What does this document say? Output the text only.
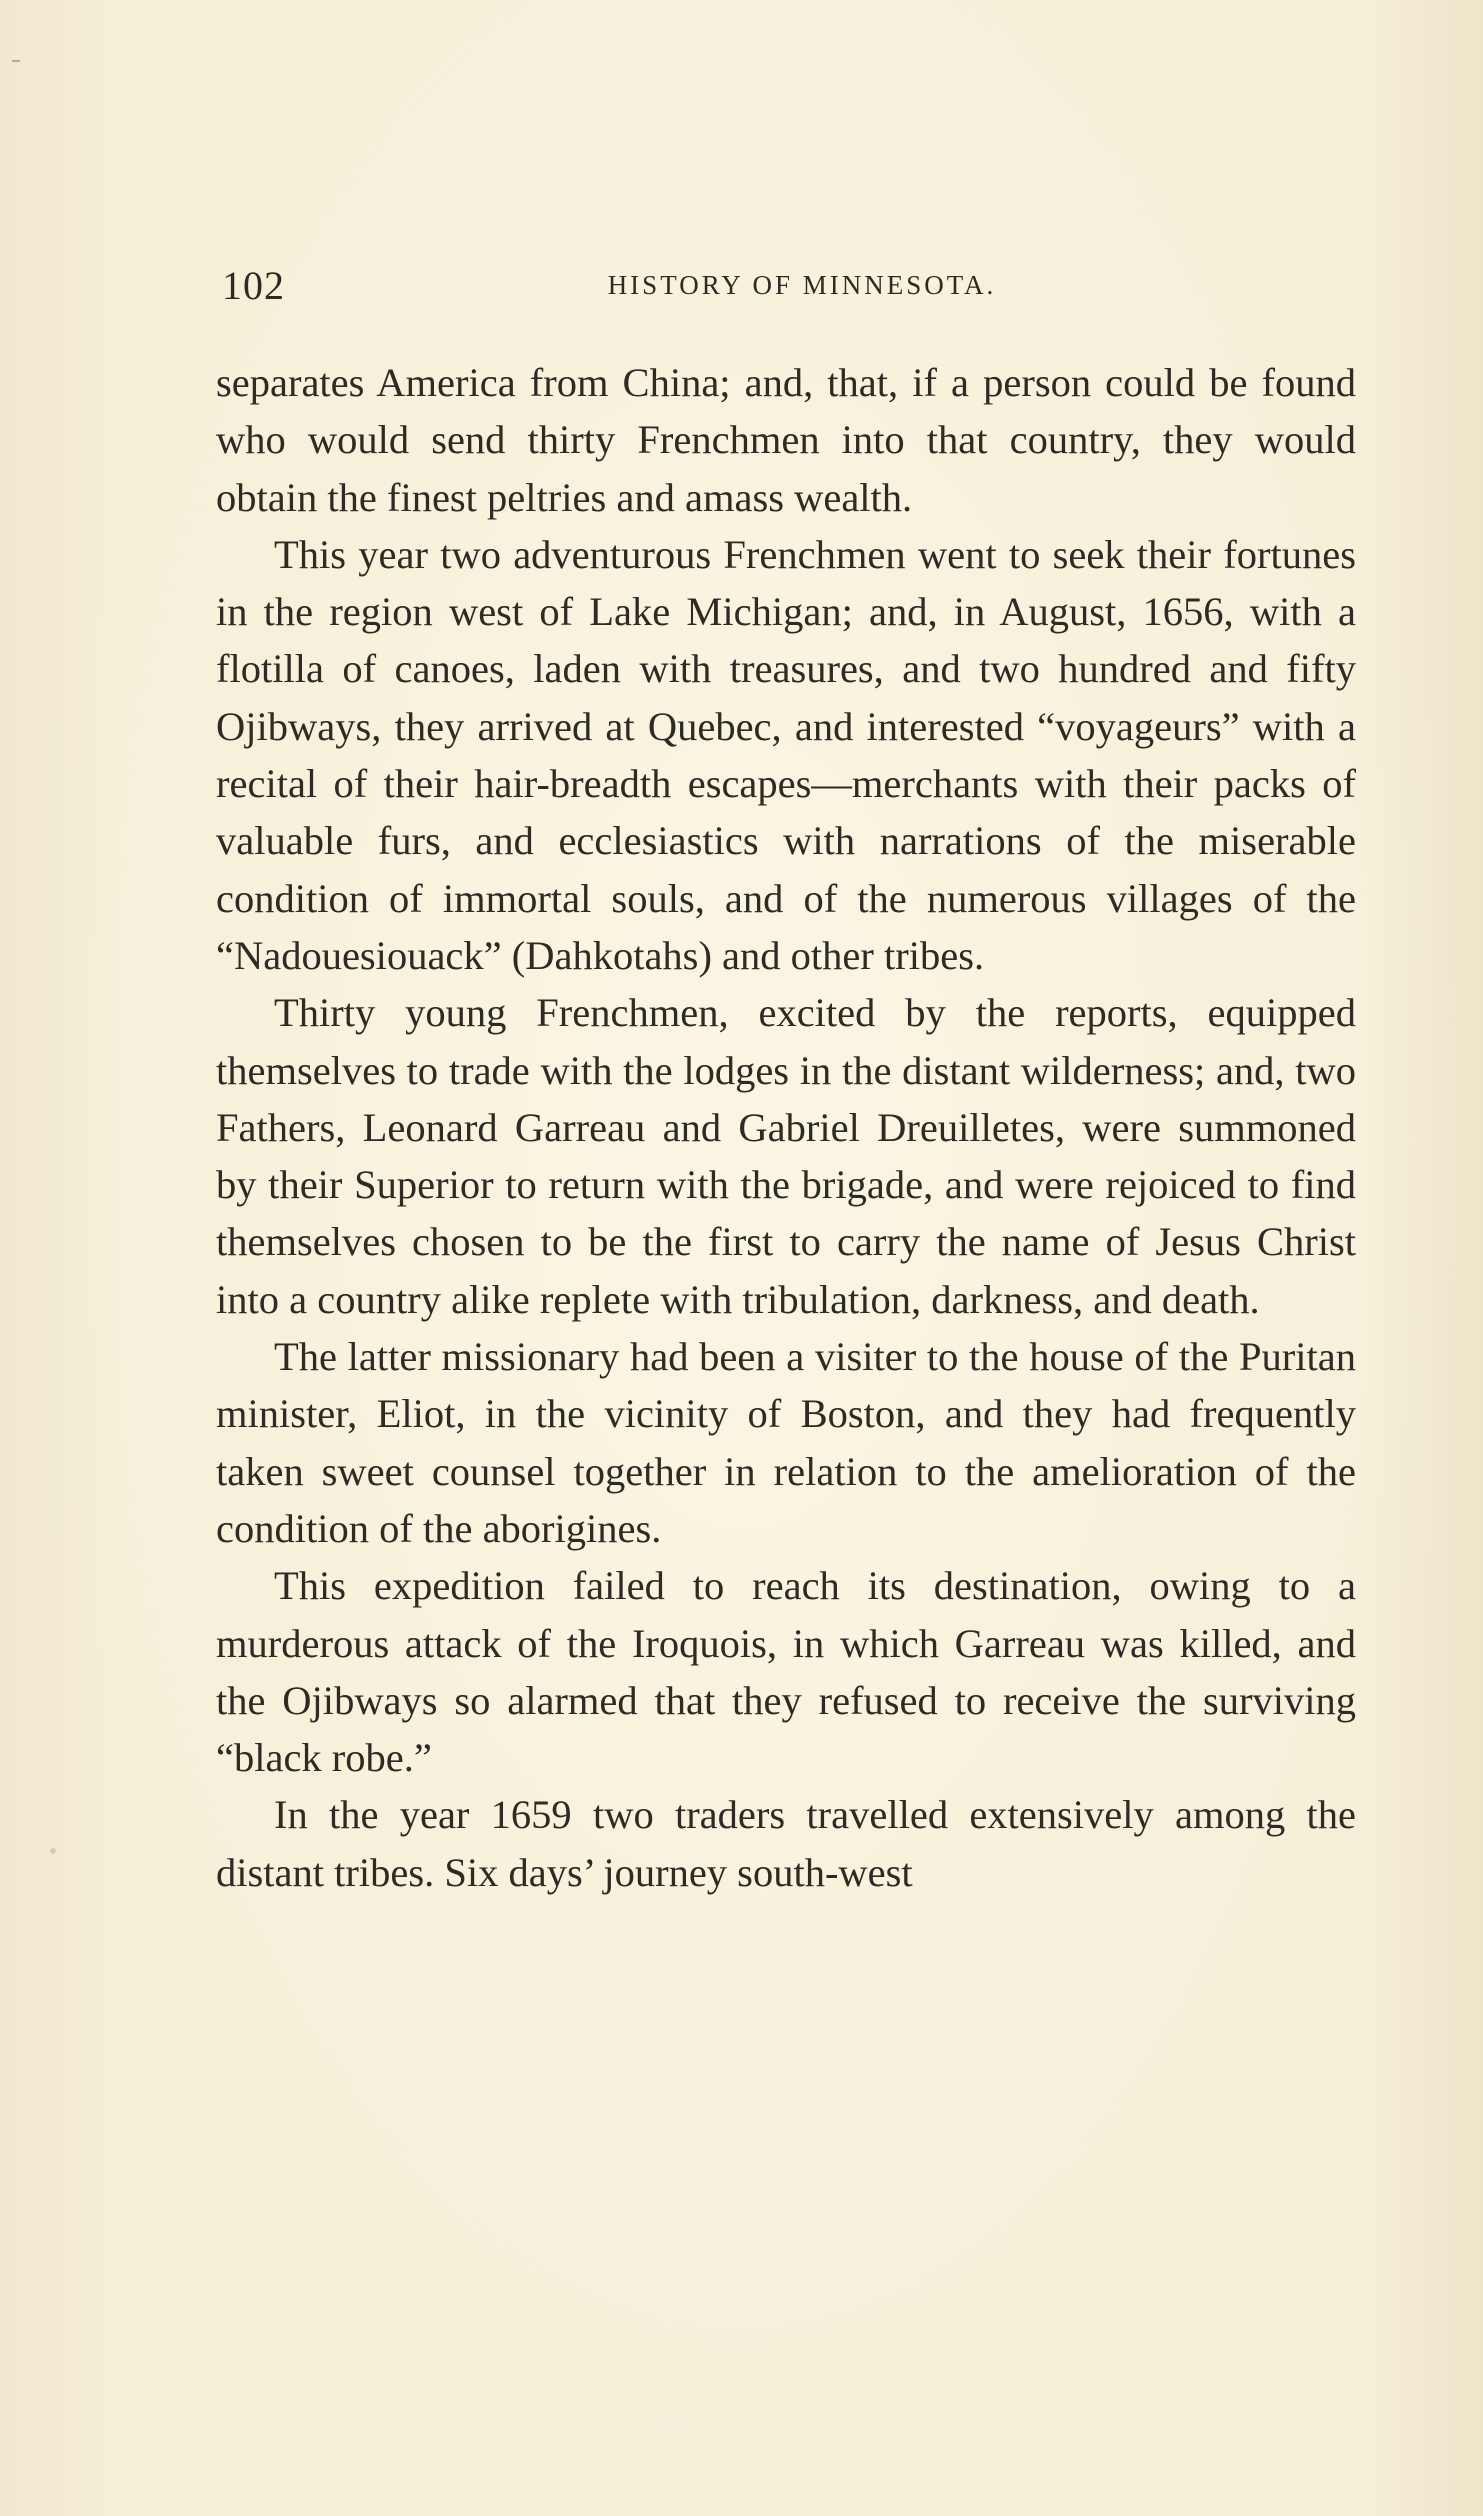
102	HISTORY OF MINNESOTA.

separates America from China; and, that, if a person could be found who would send thirty Frenchmen into that country, they would obtain the finest peltries and amass wealth.

This year two adventurous Frenchmen went to seek their fortunes in the region west of Lake Michigan; and, in August, 1656, with a flotilla of canoes, laden with treasures, and two hundred and fifty Ojibways, they arrived at Quebec, and interested “voyageurs” with a recital of their hair-breadth escapes—merchants with their packs of valuable furs, and ecclesiastics with narrations of the miserable condition of immortal souls, and of the numerous villages of the “Nadouesiouack” (Dahkotahs) and other tribes.

Thirty young Frenchmen, excited by the reports, equipped themselves to trade with the lodges in the distant wilderness; and, two Fathers, Leonard Garreau and Gabriel Dreuilletes, were summoned by their Superior to return with the brigade, and were rejoiced to find themselves chosen to be the first to carry the name of Jesus Christ into a country alike replete with tribulation, darkness, and death.

The latter missionary had been a visiter to the house of the Puritan minister, Eliot, in the vicinity of Boston, and they had frequently taken sweet counsel together in relation to the amelioration of the condition of the aborigines.

This expedition failed to reach its destination, owing to a murderous attack of the Iroquois, in which Garreau was killed, and the Ojibways so alarmed that they refused to receive the surviving “black robe.”

In the year 1659 two traders travelled extensively among the distant tribes. Six days’ journey south-west
